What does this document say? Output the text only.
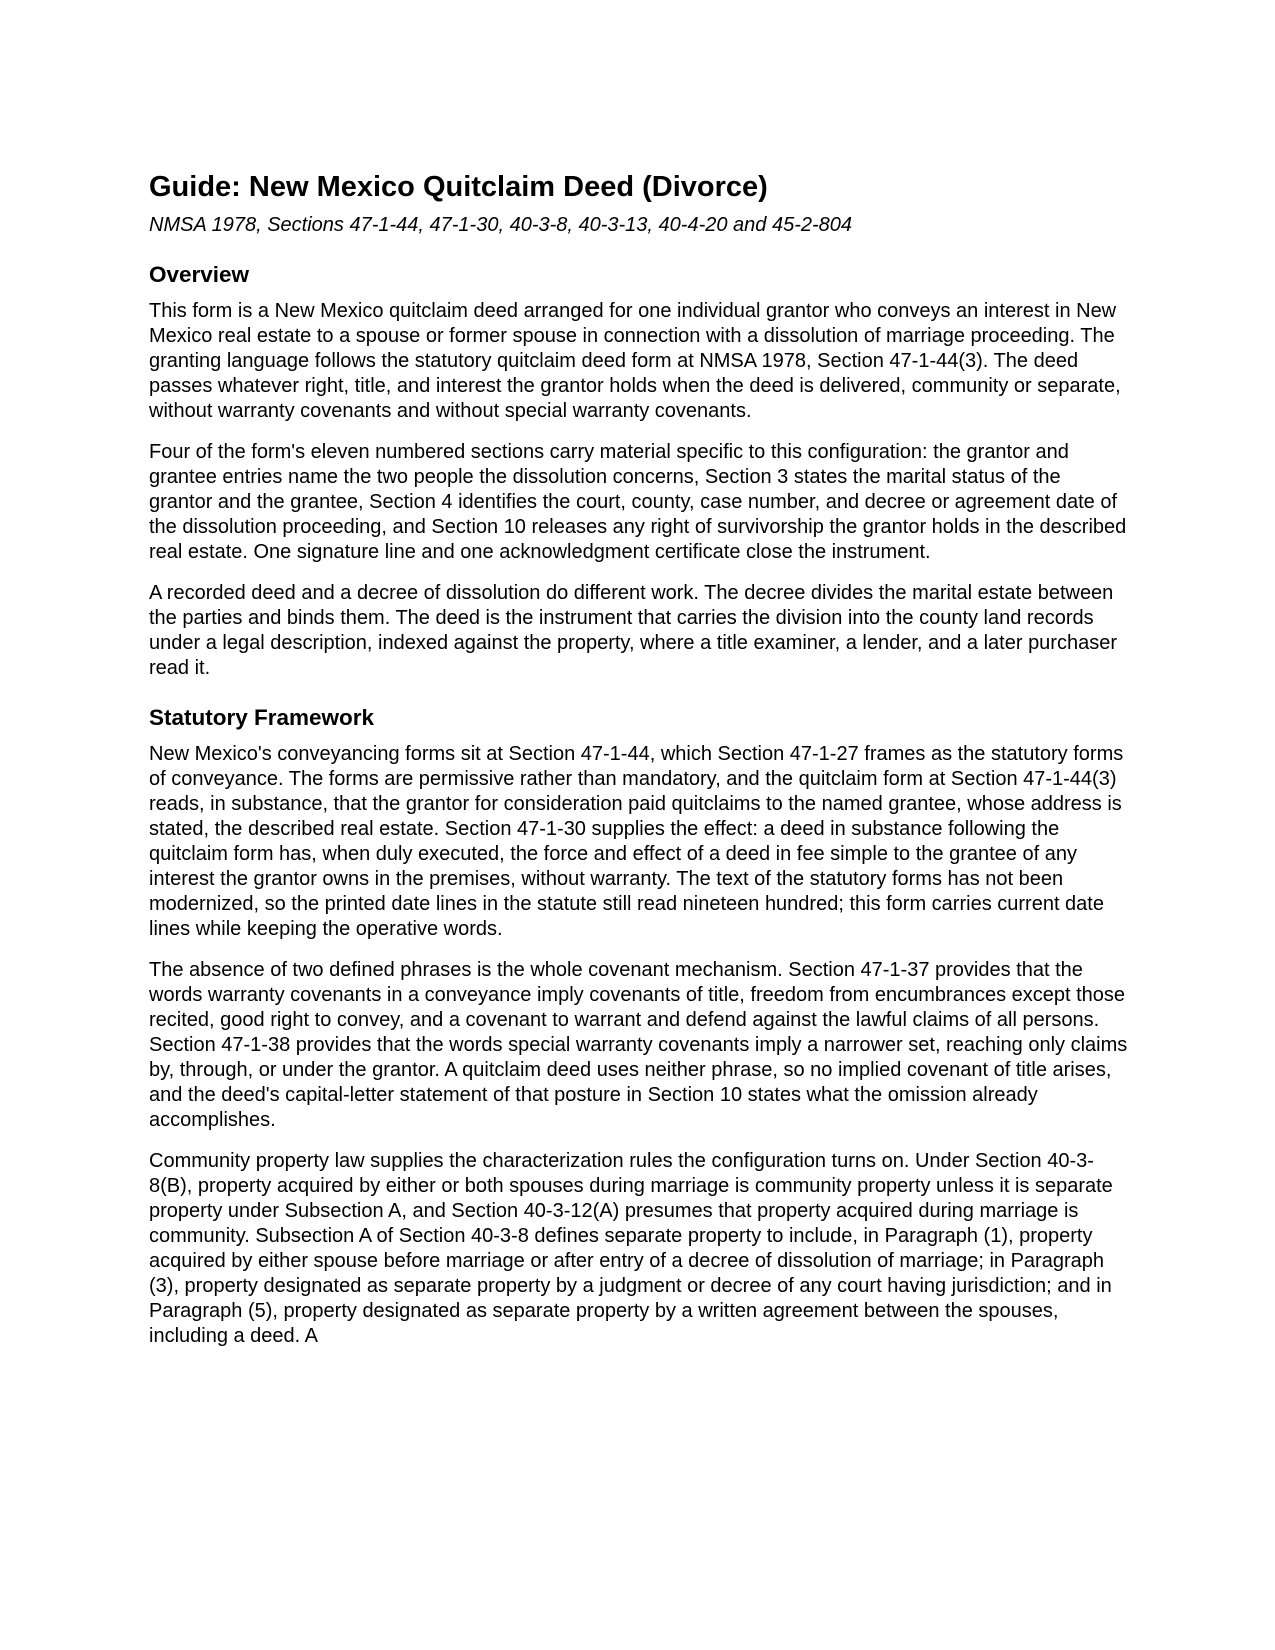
Guide: New Mexico Quitclaim Deed (Divorce)

NMSA 1978, Sections 47-1-44, 47-1-30, 40-3-8, 40-3-13, 40-4-20 and 45-2-804

Overview

This form is a New Mexico quitclaim deed arranged for one individual grantor who conveys an interest in New Mexico real estate to a spouse or former spouse in connection with a dissolution of marriage proceeding. The granting language follows the statutory quitclaim deed form at NMSA 1978, Section 47-1-44(3). The deed passes whatever right, title, and interest the grantor holds when the deed is delivered, community or separate, without warranty covenants and without special warranty covenants.

Four of the form's eleven numbered sections carry material specific to this configuration: the grantor and grantee entries name the two people the dissolution concerns, Section 3 states the marital status of the grantor and the grantee, Section 4 identifies the court, county, case number, and decree or agreement date of the dissolution proceeding, and Section 10 releases any right of survivorship the grantor holds in the described real estate. One signature line and one acknowledgment certificate close the instrument.

A recorded deed and a decree of dissolution do different work. The decree divides the marital estate between the parties and binds them. The deed is the instrument that carries the division into the county land records under a legal description, indexed against the property, where a title examiner, a lender, and a later purchaser read it.

Statutory Framework

New Mexico's conveyancing forms sit at Section 47-1-44, which Section 47-1-27 frames as the statutory forms of conveyance. The forms are permissive rather than mandatory, and the quitclaim form at Section 47-1-44(3) reads, in substance, that the grantor for consideration paid quitclaims to the named grantee, whose address is stated, the described real estate. Section 47-1-30 supplies the effect: a deed in substance following the quitclaim form has, when duly executed, the force and effect of a deed in fee simple to the grantee of any interest the grantor owns in the premises, without warranty. The text of the statutory forms has not been modernized, so the printed date lines in the statute still read nineteen hundred; this form carries current date lines while keeping the operative words.

The absence of two defined phrases is the whole covenant mechanism. Section 47-1-37 provides that the words warranty covenants in a conveyance imply covenants of title, freedom from encumbrances except those recited, good right to convey, and a covenant to warrant and defend against the lawful claims of all persons. Section 47-1-38 provides that the words special warranty covenants imply a narrower set, reaching only claims by, through, or under the grantor. A quitclaim deed uses neither phrase, so no implied covenant of title arises, and the deed's capital-letter statement of that posture in Section 10 states what the omission already accomplishes.

Community property law supplies the characterization rules the configuration turns on. Under Section 40-3-8(B), property acquired by either or both spouses during marriage is community property unless it is separate property under Subsection A, and Section 40-3-12(A) presumes that property acquired during marriage is community. Subsection A of Section 40-3-8 defines separate property to include, in Paragraph (1), property acquired by either spouse before marriage or after entry of a decree of dissolution of marriage; in Paragraph (3), property designated as separate property by a judgment or decree of any court having jurisdiction; and in Paragraph (5), property designated as separate property by a written agreement between the spouses, including a deed. A
